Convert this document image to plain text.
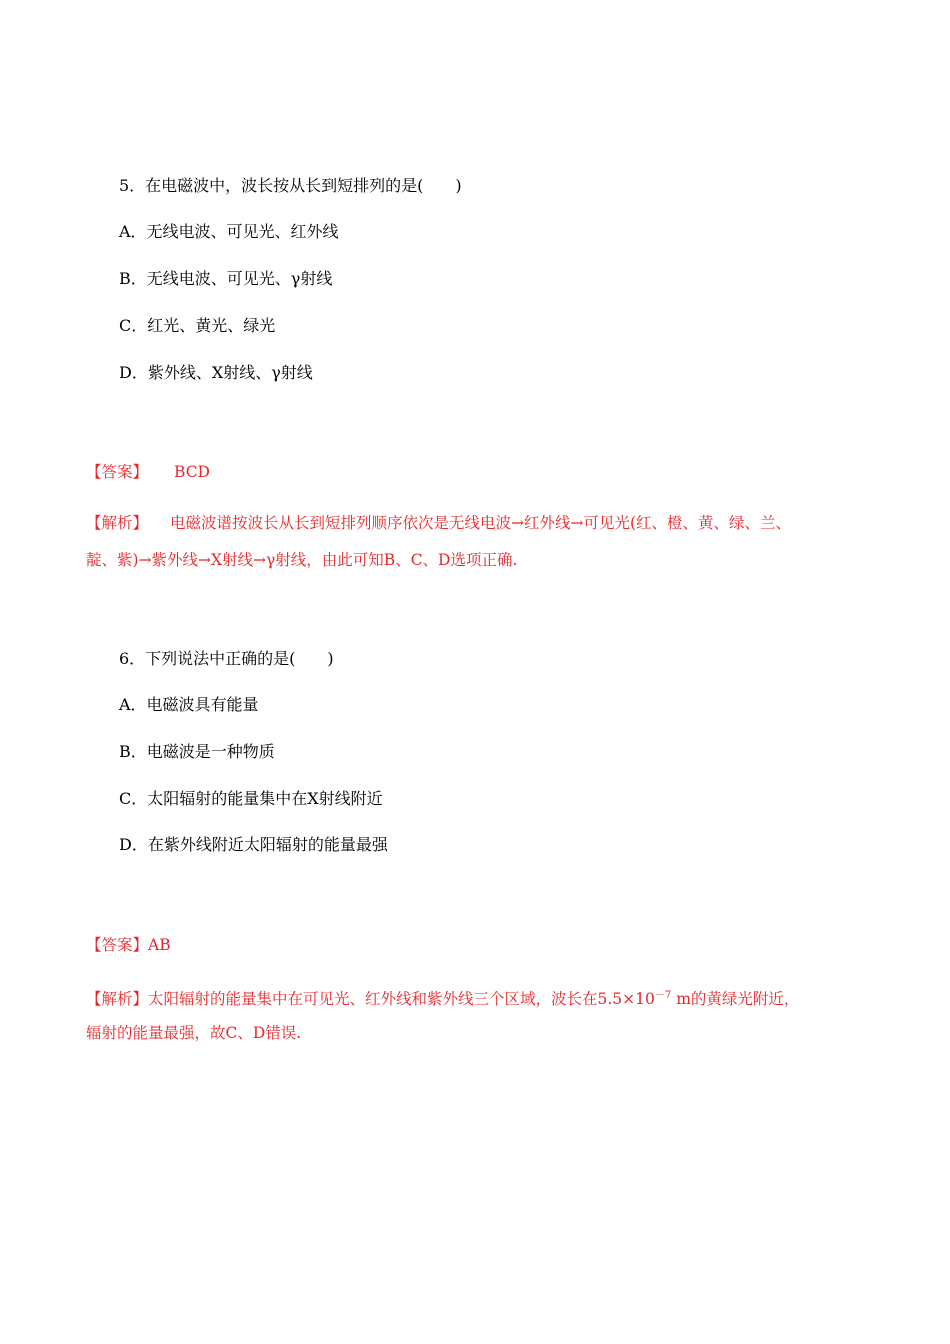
5．在电磁波中，波长按从长到短排列的是(　　)
A．无线电波、可见光、红外线
B．无线电波、可见光、γ射线
C．红光、黄光、绿光
D．紫外线、X射线、γ射线
【答案】 BCD
【解析】 电磁波谱按波长从长到短排列顺序依次是无线电波→红外线→可见光(红、橙、黄、绿、兰、
靛、紫)→紫外线→X射线→γ射线，由此可知B、C、D选项正确.
6．下列说法中正确的是(　　)
A．电磁波具有能量
B．电磁波是一种物质
C．太阳辐射的能量集中在X射线附近
D．在紫外线附近太阳辐射的能量最强
【答案】AB
【解析】太阳辐射的能量集中在可见光、红外线和紫外线三个区域，波长在$5.5\times 10^{-7}$ m的黄绿光附近，
辐射的能量最强，故C、D错误.
